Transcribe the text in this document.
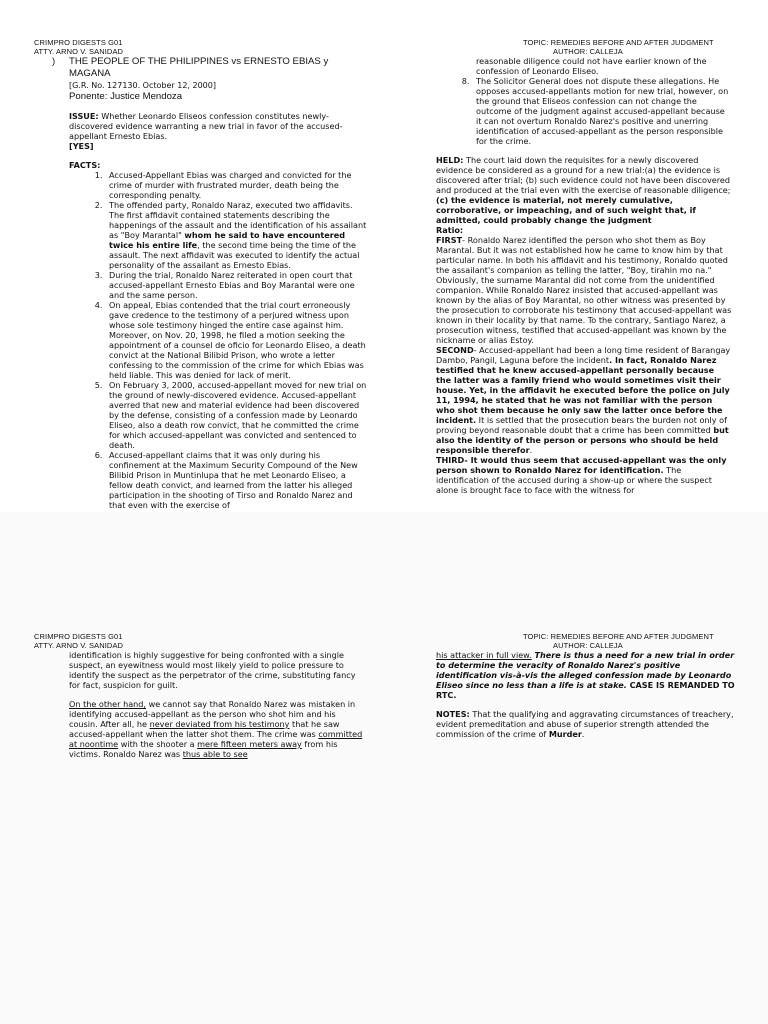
CRIMPRO DIGESTS G01
ATTY. ARNO V. SANIDAD
TOPIC: REMEDIES BEFORE AND AFTER JUDGMENT
AUTHOR: CALLEJA
) THE PEOPLE OF THE PHILIPPINES vs ERNESTO EBIAS y
MAGANA
[G.R. No. 127130. October 12, 2000]
Ponente: Justice Mendoza

ISSUE: Whether Leonardo Eliseos confession constitutes newly-discovered evidence warranting a new trial in favor of the accused-appellant Ernesto Ebias.

[YES]

FACTS:

1. Accused-Appellant Ebias was charged and convicted for the crime of murder with frustrated murder, death being the corresponding penalty.
2. The offended party, Ronaldo Naraz, executed two affidavits. The first affidavit contained statements describing the happenings of the assault and the identification of his assailant as "Boy Marantal" whom he said to have encountered twice his entire life, the second time being the time of the assault. The next affidavit was executed to identify the actual personality of the assailant as Ernesto Ebias.
3. During the trial, Ronaldo Narez reiterated in open court that accused-appellant Ernesto Ebias and Boy Marantal were one and the same person.
4. On appeal, Ebias contended that the trial court erroneously gave credence to the testimony of a perjured witness upon whose sole testimony hinged the entire case against him. Moreover, on Nov. 20, 1998, he filed a motion seeking the appointment of a counsel de oficio for Leonardo Eliseo, a death convict at the National Bilibid Prison, who wrote a letter confessing to the commission of the crime for which Ebias was held liable. This was denied for lack of merit.
5. On February 3, 2000, accused-appellant moved for new trial on the ground of newly-discovered evidence. Accused-appellant averred that new and material evidence had been discovered by the defense, consisting of a confession made by Leonardo Eliseo, also a death row convict, that he committed the crime for which accused-appellant was convicted and sentenced to death.
6. Accused-appellant claims that it was only during his confinement at the Maximum Security Compound of the New Bilibid Prison in Muntinlupa that he met Leonardo Eliseo, a fellow death convict, and learned from the latter his alleged participation in the shooting of Tirso and Ronaldo Narez and that even with the exercise of
reasonable diligence could not have earlier known of the confession of Leonardo Eliseo.
8. The Solicitor General does not dispute these allegations. He opposes accused-appellants motion for new trial, however, on the ground that Eliseos confession can not change the outcome of the judgment against accused-appellant because it can not overturn Ronaldo Narez's positive and unerring identification of accused-appellant as the person responsible for the crime.

HELD: The court laid down the requisites for a newly discovered evidence be considered as a ground for a new trial:(a) the evidence is discovered after trial; (b) such evidence could not have been discovered and produced at the trial even with the exercise of reasonable diligence; (c) the evidence is material, not merely cumulative, corroborative, or impeaching, and of such weight that, if admitted, could probably change the judgment

Ratio:

FIRST- Ronaldo Narez identified the person who shot them as Boy Marantal. But it was not established how he came to know him by that particular name. In both his affidavit and his testimony, Ronaldo quoted the assailant's companion as telling the latter, "Boy, tirahin mo na." Obviously, the surname Marantal did not come from the unidentified companion. While Ronaldo Narez insisted that accused-appellant was known by the alias of Boy Marantal, no other witness was presented by the prosecution to corroborate his testimony that accused-appellant was known in their locality by that name. To the contrary, Santiago Narez, a prosecution witness, testified that accused-appellant was known by the nickname or alias Estoy.

SECOND- Accused-appellant had been a long time resident of Barangay Dambo, Pangil, Laguna before the incident. In fact, Ronaldo Narez testified that he knew accused-appellant personally because the latter was a family friend who would sometimes visit their house. Yet, in the affidavit he executed before the police on July 11, 1994, he stated that he was not familiar with the person who shot them because he only saw the latter once before the incident. It is settled that the prosecution bears the burden not only of proving beyond reasonable doubt that a crime has been committed but also the identity of the person or persons who should be held responsible therefor.

THIRD- It would thus seem that accused-appellant was the only person shown to Ronaldo Narez for identification. The identification of the accused during a show-up or where the suspect alone is brought face to face with the witness for

CRIMPRO DIGESTS G01
ATTY. ARNO V. SANIDAD
TOPIC: REMEDIES BEFORE AND AFTER JUDGMENT
AUTHOR: CALLEJA

identification is highly suggestive for being confronted with a single suspect, an eyewitness would most likely yield to police pressure to identify the suspect as the perpetrator of the crime, substituting fancy for fact, suspicion for guilt.

On the other hand, we cannot say that Ronaldo Narez was mistaken in identifying accused-appellant as the person who shot him and his cousin. After all, he never deviated from his testimony that he saw accused-appellant when the latter shot them. The crime was committed at noontime with the shooter a mere fifteen meters away from his victims. Ronaldo Narez was thus able to see

his attacker in full view. There is thus a need for a new trial in order to determine the veracity of Ronaldo Narez's positive identification vis-à-vis the alleged confession made by Leonardo Eliseo since no less than a life is at stake. CASE IS REMANDED TO RTC.

NOTES: That the qualifying and aggravating circumstances of treachery, evident premeditation and abuse of superior strength attended the commission of the crime of Murder.
